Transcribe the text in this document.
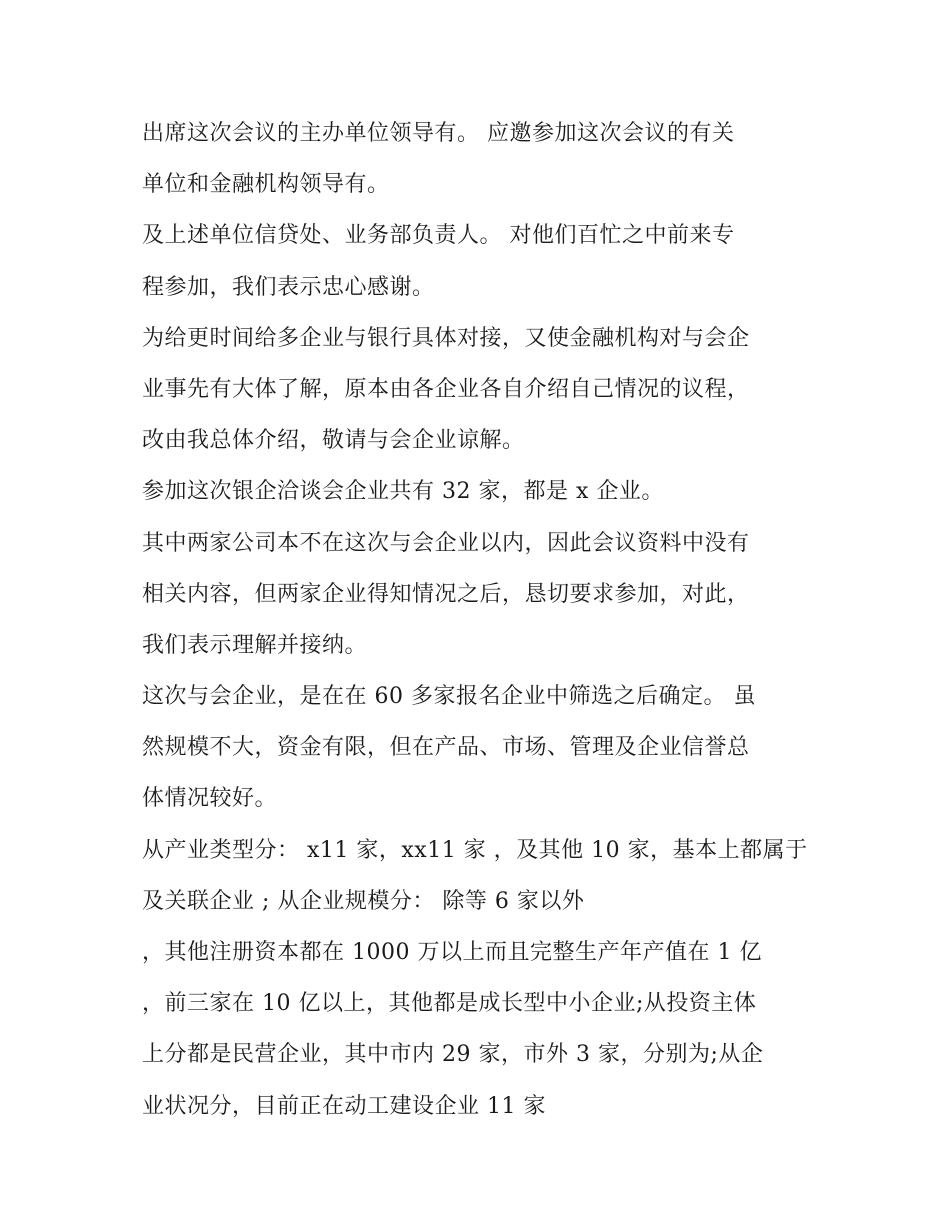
出席这次会议的主办单位领导有。 应邀参加这次会议的有关
单位和金融机构领导有。
及上述单位信贷处、业务部负责人。 对他们百忙之中前来专
程参加，我们表示忠心感谢。
为给更时间给多企业与银行具体对接，又使金融机构对与会企
业事先有大体了解，原本由各企业各自介绍自己情况的议程，
改由我总体介绍，敬请与会企业谅解。
参加这次银企洽谈会企业共有 32 家，都是 x 企业。
其中两家公司本不在这次与会企业以内，因此会议资料中没有
相关内容，但两家企业得知情况之后，恳切要求参加，对此，
我们表示理解并接纳。
这次与会企业，是在在 60 多家报名企业中筛选之后确定。 虽
然规模不大，资金有限，但在产品、市场、管理及企业信誉总
体情况较好。
从产业类型分： x11 家，xx11 家 ，及其他 10 家，基本上都属于
及关联企业 ; 从企业规模分： 除等 6 家以外
，其他注册资本都在 1000 万以上而且完整生产年产值在 1 亿
，前三家在 10 亿以上，其他都是成长型中小企业;从投资主体
上分都是民营企业，其中市内 29 家，市外 3 家，分别为;从企
业状况分，目前正在动工建设企业 11 家
